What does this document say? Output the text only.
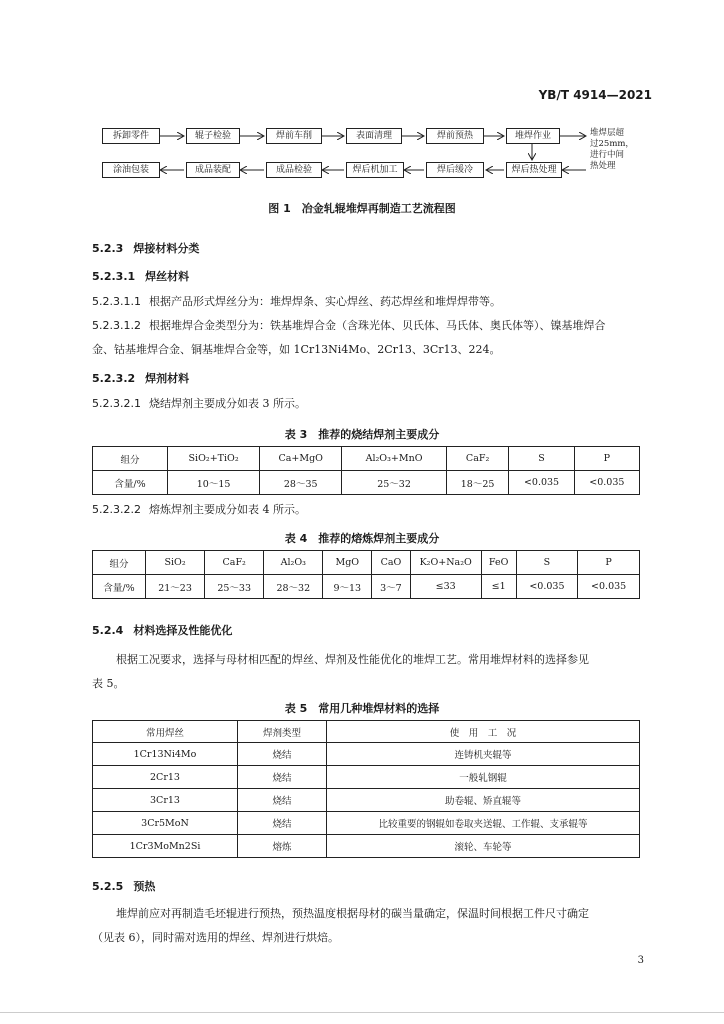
YB/T 4914—2021
拆卸零件	辊子检验	焊前车削	表面清理	焊前预热	堆焊作业
涂油包装	成品装配	成品检验	焊后机加工	焊后缓冷	焊后热处理
堆焊层超
过25mm，
进行中间
热处理
图 1　冶金轧辊堆焊再制造工艺流程图
5.2.3 焊接材料分类
5.2.3.1 焊丝材料
5.2.3.1.1 根据产品形式焊丝分为：堆焊焊条、实心焊丝、药芯焊丝和堆焊焊带等。
5.2.3.1.2 根据堆焊合金类型分为：铁基堆焊合金（含珠光体、贝氏体、马氏体、奥氏体等）、镍基堆焊合
金、钴基堆焊合金、铜基堆焊合金等，如 1Cr13Ni4Mo、2Cr13、3Cr13、224。
5.2.3.2 焊剂材料
5.2.3.2.1 烧结焊剂主要成分如表 3 所示。
表 3　推荐的烧结焊剂主要成分
组分	SiO₂+TiO₂	Ca+MgO	Al₂O₃+MnO	CaF₂	S	P
含量/%	10～15	28～35	25～32	18～25	<0.035	<0.035
5.2.3.2.2 熔炼焊剂主要成分如表 4 所示。
表 4　推荐的熔炼焊剂主要成分
组分	SiO₂	CaF₂	Al₂O₃	MgO	CaO	K₂O+Na₂O	FeO	S	P
含量/%	21～23	25～33	28～32	9～13	3～7	≤33	≤1	<0.035	<0.035
5.2.4 材料选择及性能优化
根据工况要求，选择与母材相匹配的焊丝、焊剂及性能优化的堆焊工艺。常用堆焊材料的选择参见
表 5。
表 5　常用几种堆焊材料的选择
常用焊丝	焊剂类型	使　用　工　况
1Cr13Ni4Mo	烧结	连铸机夹辊等
2Cr13	烧结	一般轧钢辊
3Cr13	烧结	助卷辊、矫直辊等
3Cr5MoN	烧结	比较重要的钢辊如卷取夹送辊、工作辊、支承辊等
1Cr3MoMn2Si	熔炼	滚轮、车轮等
5.2.5 预热
堆焊前应对再制造毛坯辊进行预热，预热温度根据母材的碳当量确定，保温时间根据工件尺寸确定
（见表 6），同时需对选用的焊丝、焊剂进行烘焙。
3
